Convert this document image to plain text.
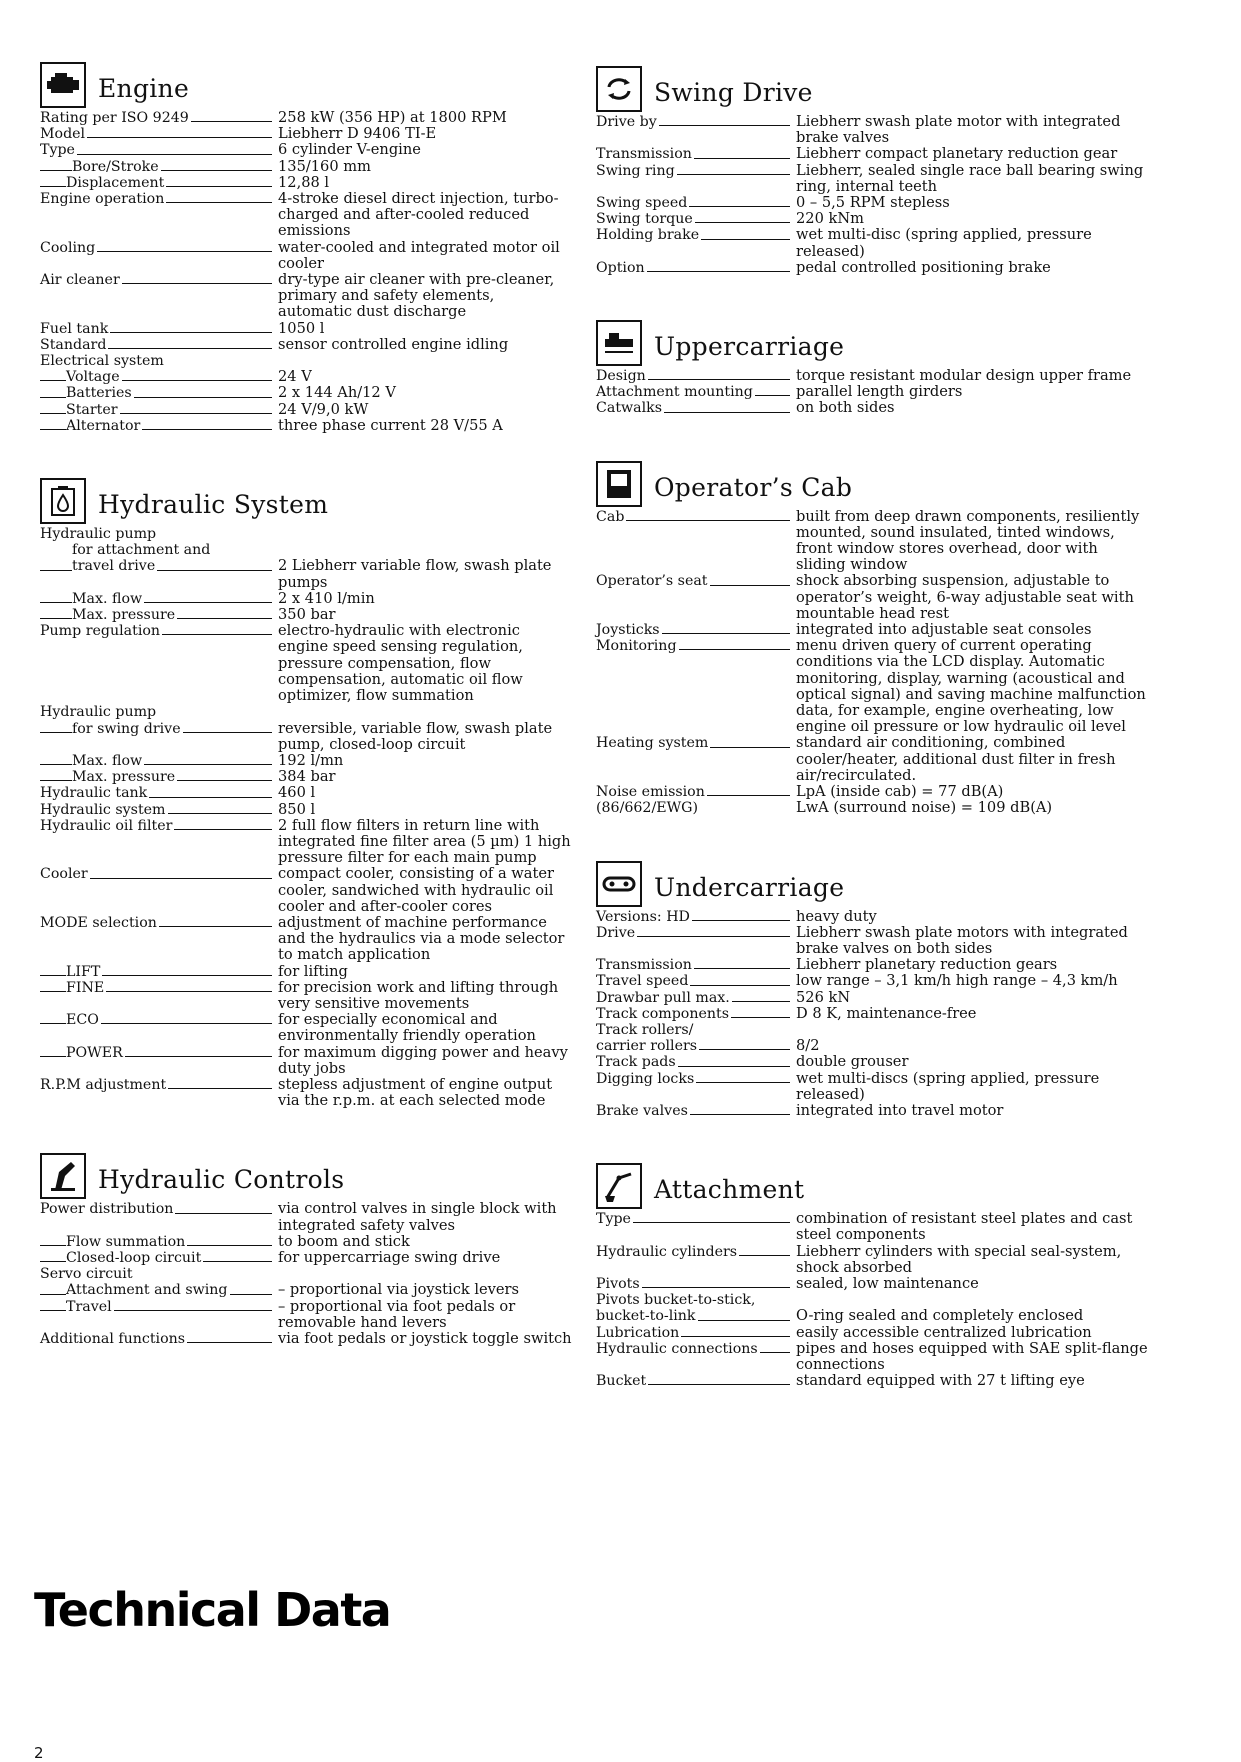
Engine
Rating per ISO 9249	258 kW (356 HP) at 1800 RPM
Model	Liebherr D 9406 TI-E
Type	6 cylinder V-engine
Bore/Stroke	135/160 mm
Displacement	12,88 l
Engine operation	4-stroke diesel direct injection, turbo-charged and after-cooled reduced emissions
Cooling	water-cooled and integrated motor oil cooler
Air cleaner	dry-type air cleaner with pre-cleaner, primary and safety elements, automatic dust discharge
Fuel tank	1050 l
Standard	sensor controlled engine idling
Electrical system
Voltage	24 V
Batteries	2 x 144 Ah/12 V
Starter	24 V/9,0 kW
Alternator	three phase current 28 V/55 A
Hydraulic System
Hydraulic pump
for attachment and
travel drive	2 Liebherr variable flow, swash plate pumps
Max. flow	2 x 410 l/min
Max. pressure	350 bar
Pump regulation	electro-hydraulic with electronic engine speed sensing regulation, pressure compensation, flow compensation, automatic oil flow optimizer, flow summation
Hydraulic pump
for swing drive	reversible, variable flow, swash plate pump, closed-loop circuit
Max. flow	192 l/mn
Max. pressure	384 bar
Hydraulic tank	460 l
Hydraulic system	850 l
Hydraulic oil filter	2 full flow filters in return line with integrated fine filter area (5 µm) 1 high pressure filter for each main pump
Cooler	compact cooler, consisting of a water cooler, sandwiched with hydraulic oil cooler and after-cooler cores
MODE selection	adjustment of machine performance and the hydraulics via a mode selector to match application
LIFT	for lifting
FINE	for precision work and lifting through very sensitive movements
ECO	for especially economical and environmentally friendly operation
POWER	for maximum digging power and heavy duty jobs
R.P.M adjustment	stepless adjustment of engine output via the r.p.m. at each selected mode
Hydraulic Controls
Power distribution	via control valves in single block with integrated safety valves
Flow summation	to boom and stick
Closed-loop circuit	for uppercarriage swing drive
Servo circuit
Attachment and swing	– proportional via joystick levers
Travel	– proportional via foot pedals or removable hand levers
Additional functions	via foot pedals or joystick toggle switch
Swing Drive
Drive by	Liebherr swash plate motor with integrated brake valves
Transmission	Liebherr compact planetary reduction gear
Swing ring	Liebherr, sealed single race ball bearing swing ring, internal teeth
Swing speed	0 – 5,5 RPM stepless
Swing torque	220 kNm
Holding brake	wet multi-disc (spring applied, pressure released)
Option	pedal controlled positioning brake
Uppercarriage
Design	torque resistant modular design upper frame
Attachment mounting	parallel length girders
Catwalks	on both sides
Operator’s Cab
Cab	built from deep drawn components, resiliently mounted, sound insulated, tinted windows, front window stores overhead, door with sliding window
Operator’s seat	shock absorbing suspension, adjustable to operator’s weight, 6-way adjustable seat with mountable head rest
Joysticks	integrated into adjustable seat consoles
Monitoring	menu driven query of current operating conditions via the LCD display. Automatic monitoring, display, warning (acoustical and optical signal) and saving machine malfunction data, for example, engine overheating, low engine oil pressure or low hydraulic oil level
Heating system	standard air conditioning, combined cooler/heater, additional dust filter in fresh air/recirculated.
Noise emission	LpA (inside cab) = 77 dB(A)
(86/662/EWG)	LwA (surround noise) = 109 dB(A)
Undercarriage
Versions: HD	heavy duty
Drive	Liebherr swash plate motors with integrated brake valves on both sides
Transmission	Liebherr planetary reduction gears
Travel speed	low range – 3,1 km/h high range – 4,3 km/h
Drawbar pull max.	526 kN
Track components	D 8 K, maintenance-free
Track rollers/
carrier rollers	8/2
Track pads	double grouser
Digging locks	wet multi-discs (spring applied, pressure released)
Brake valves	integrated into travel motor
Attachment
Type	combination of resistant steel plates and cast steel components
Hydraulic cylinders	Liebherr cylinders with special seal-system, shock absorbed
Pivots	sealed, low maintenance
Pivots bucket-to-stick,
bucket-to-link	O-ring sealed and completely enclosed
Lubrication	easily accessible centralized lubrication
Hydraulic connections	pipes and hoses equipped with SAE split-flange connections
Bucket	standard equipped with 27 t lifting eye
Technical Data
2
